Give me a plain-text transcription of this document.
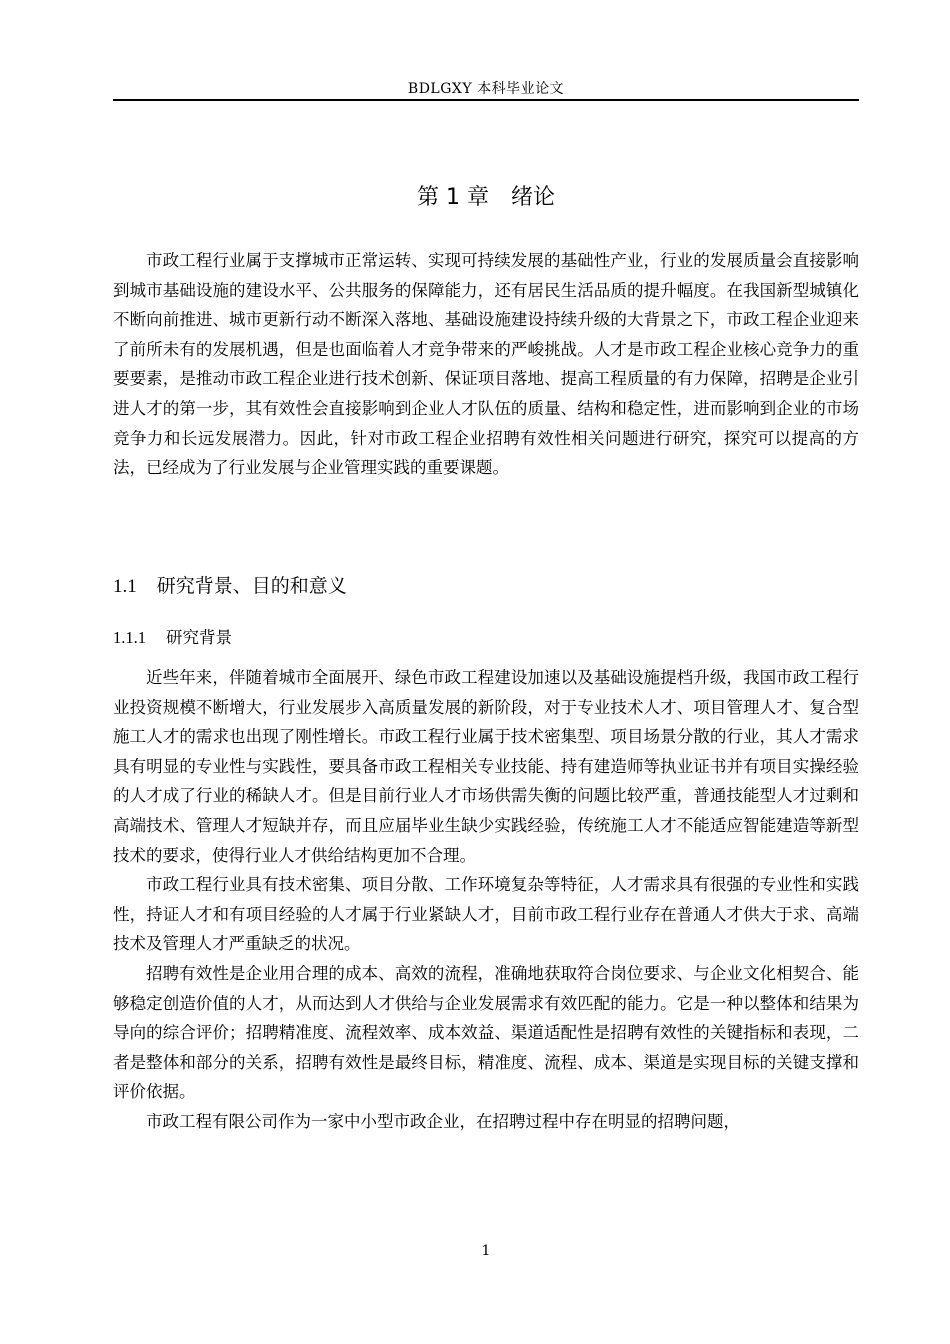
BDLGXY 本科毕业论文
第 1 章　绪论

市政工程行业属于支撑城市正常运转、实现可持续发展的基础性产业，行业的发展质量会直接影响到城市基础设施的建设水平、公共服务的保障能力，还有居民生活品质的提升幅度。在我国新型城镇化不断向前推进、城市更新行动不断深入落地、基础设施建设持续升级的大背景之下，市政工程企业迎来了前所未有的发展机遇，但是也面临着人才竞争带来的严峻挑战。人才是市政工程企业核心竞争力的重要要素，是推动市政工程企业进行技术创新、保证项目落地、提高工程质量的有力保障，招聘是企业引进人才的第一步，其有效性会直接影响到企业人才队伍的质量、结构和稳定性，进而影响到企业的市场竞争力和长远发展潜力。因此，针对市政工程企业招聘有效性相关问题进行研究，探究可以提高的方法，已经成为了行业发展与企业管理实践的重要课题。

1.1 研究背景、目的和意义
1.1.1 研究背景

近些年来，伴随着城市全面展开、绿色市政工程建设加速以及基础设施提档升级，我国市政工程行业投资规模不断增大，行业发展步入高质量发展的新阶段，对于专业技术人才、项目管理人才、复合型施工人才的需求也出现了刚性增长。市政工程行业属于技术密集型、项目场景分散的行业，其人才需求具有明显的专业性与实践性，要具备市政工程相关专业技能、持有建造师等执业证书并有项目实操经验的人才成了行业的稀缺人才。但是目前行业人才市场供需失衡的问题比较严重，普通技能型人才过剩和高端技术、管理人才短缺并存，而且应届毕业生缺少实践经验，传统施工人才不能适应智能建造等新型技术的要求，使得行业人才供给结构更加不合理。

市政工程行业具有技术密集、项目分散、工作环境复杂等特征，人才需求具有很强的专业性和实践性，持证人才和有项目经验的人才属于行业紧缺人才，目前市政工程行业存在普通人才供大于求、高端技术及管理人才严重缺乏的状况。

招聘有效性是企业用合理的成本、高效的流程，准确地获取符合岗位要求、与企业文化相契合、能够稳定创造价值的人才，从而达到人才供给与企业发展需求有效匹配的能力。它是一种以整体和结果为导向的综合评价；招聘精准度、流程效率、成本效益、渠道适配性是招聘有效性的关键指标和表现，二者是整体和部分的关系，招聘有效性是最终目标，精准度、流程、成本、渠道是实现目标的关键支撑和评价依据。

市政工程有限公司作为一家中小型市政企业，在招聘过程中存在明显的招聘问题，

1
